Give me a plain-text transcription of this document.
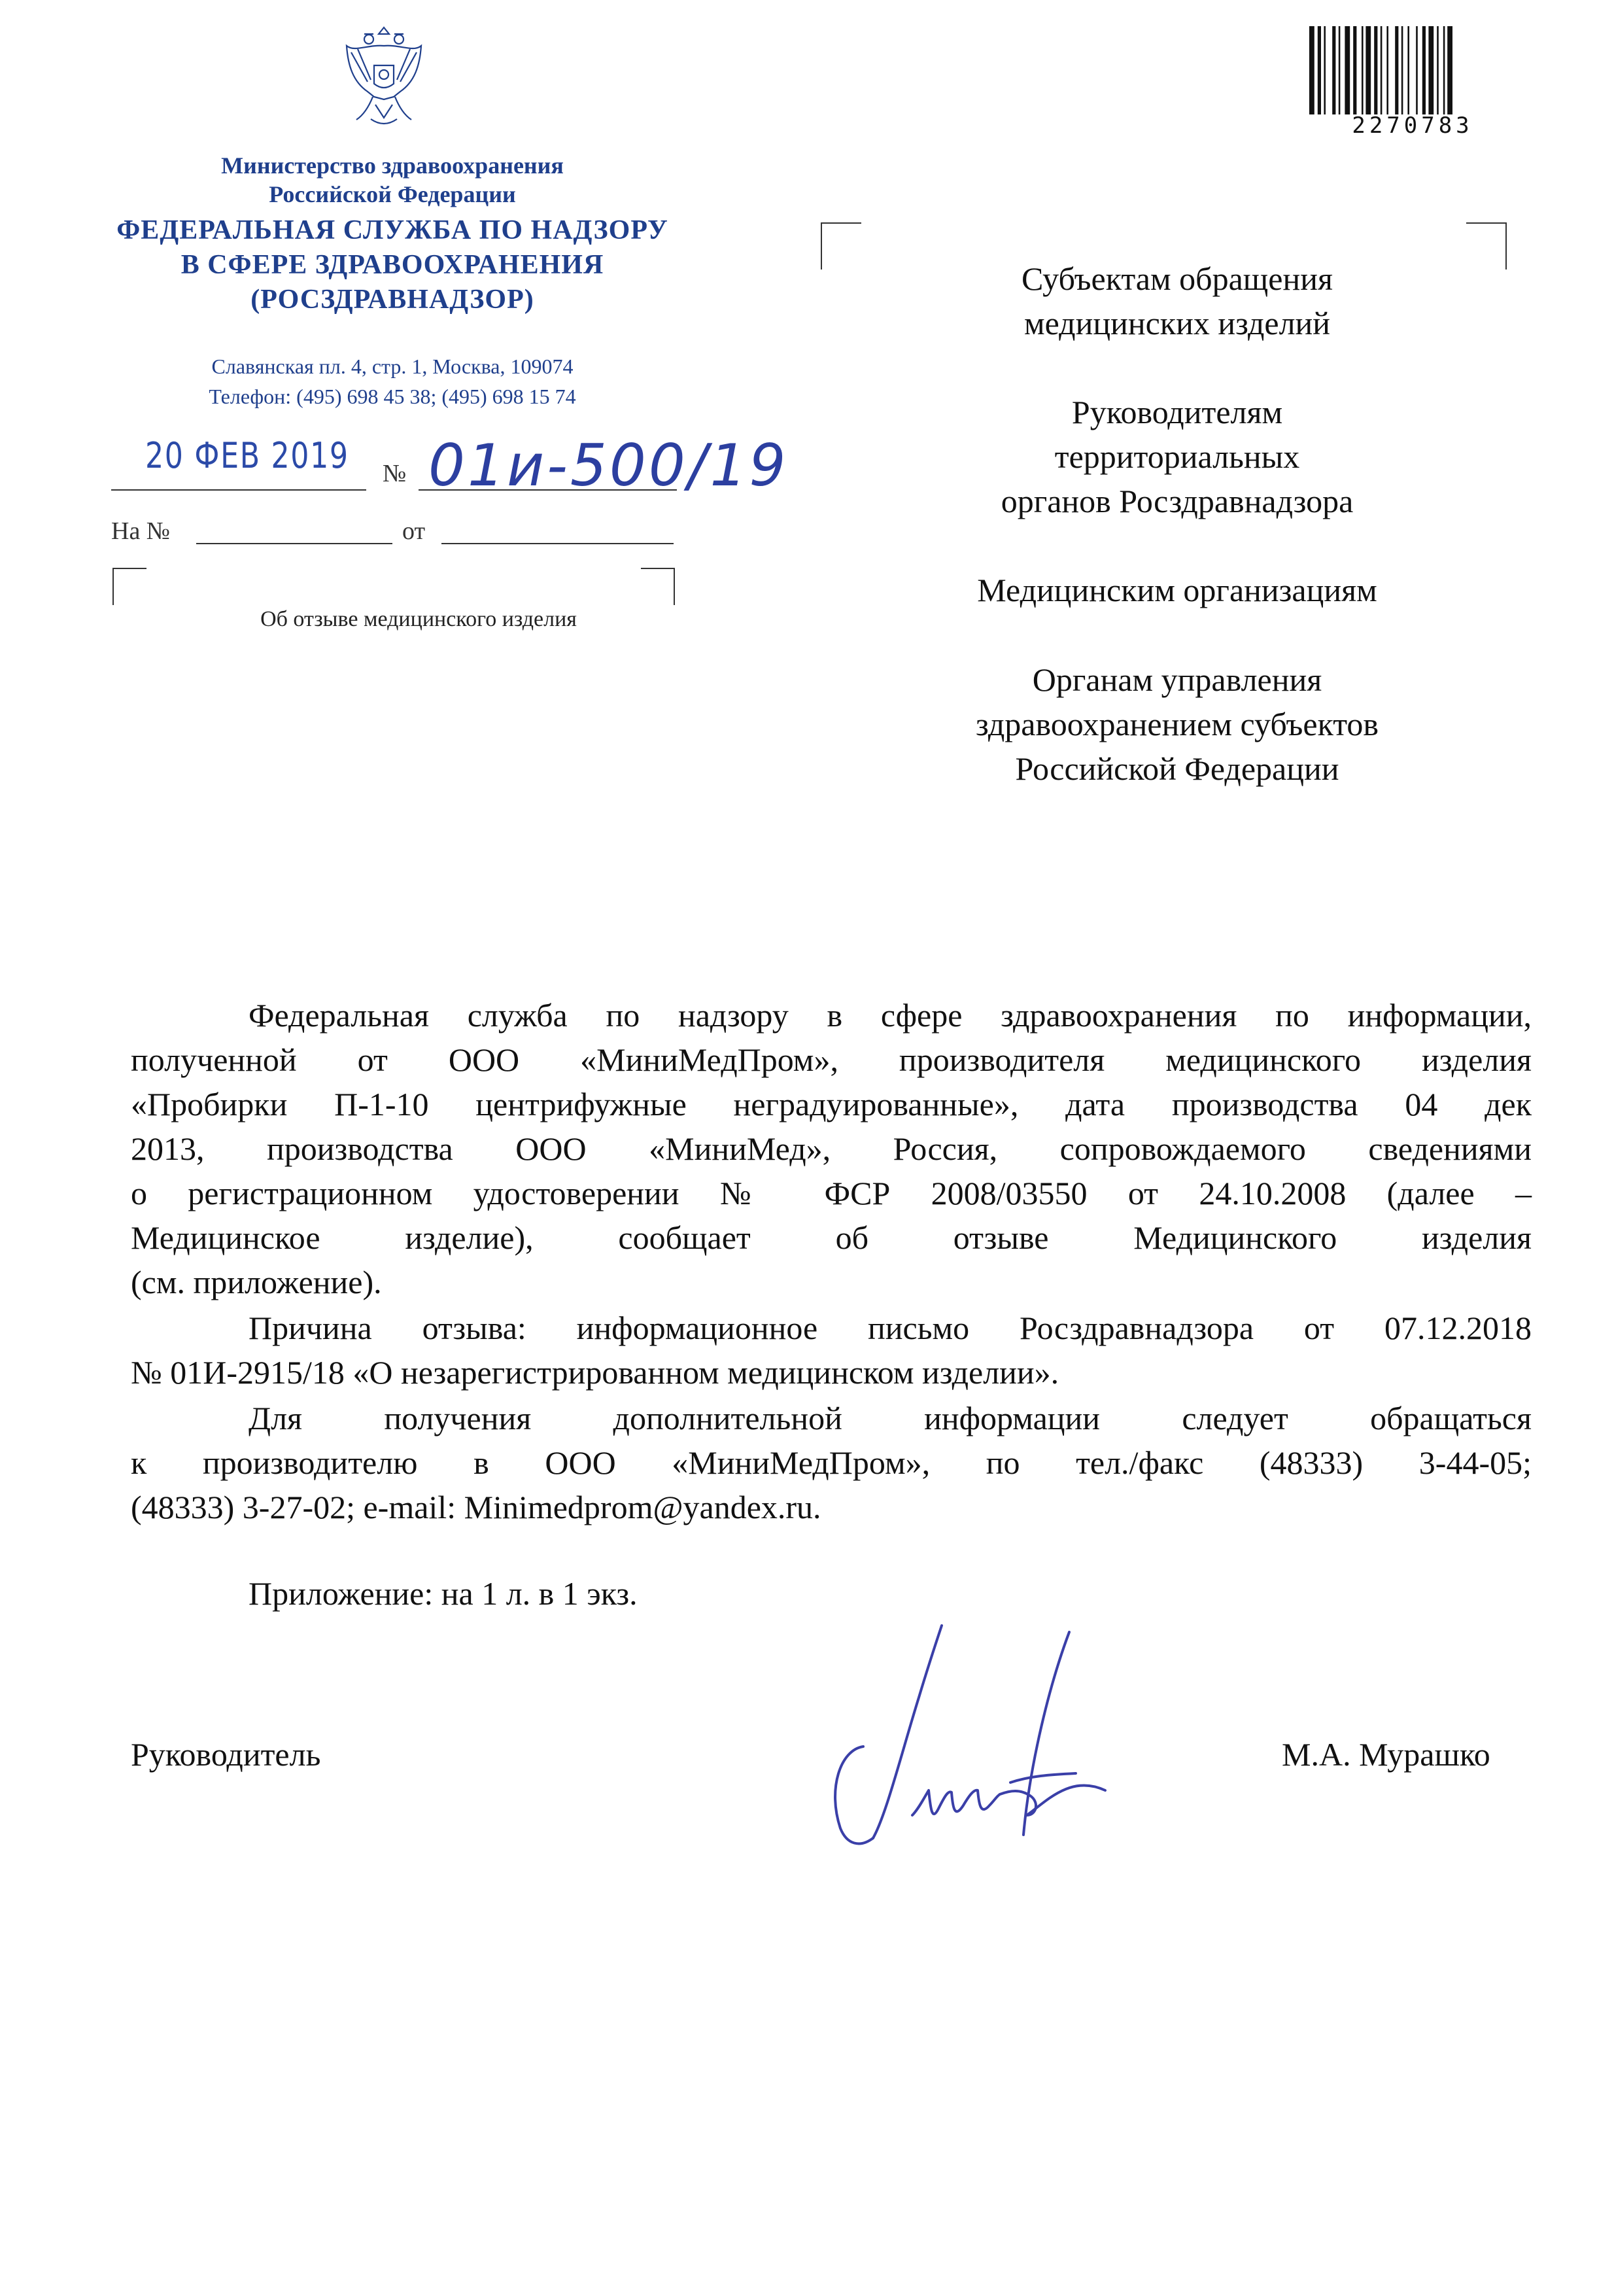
Министерство здравоохранения
Российской Федерации
ФЕДЕРАЛЬНАЯ СЛУЖБА ПО НАДЗОРУ
В СФЕРЕ ЗДРАВООХРАНЕНИЯ
(РОСЗДРАВНАДЗОР)
Славянская пл. 4, стр. 1, Москва, 109074
Телефон: (495) 698 45 38; (495) 698 15 74
20 ФЕВ 2019 № 01и-500/19
На №	от
Об отзыве медицинского изделия
2270783
Субъектам обращения
медицинских изделий
Руководителям
территориальных
органов Росздравнадзора
Медицинским организациям
Органам управления
здравоохранением субъектов
Российской Федерации
Федеральная служба по надзору в сфере здравоохранения по информации,
полученной от ООО «МиниМедПром», производителя медицинского изделия
«Пробирки П-1-10 центрифужные неградуированные», дата производства 04 дек
2013, производства ООО «МиниМед», Россия, сопровождаемого сведениями
о регистрационном удостоверении № ФСР 2008/03550 от 24.10.2008 (далее –
Медицинское изделие), сообщает об отзыве Медицинского изделия
(см. приложение).
Причина отзыва: информационное письмо Росздравнадзора от 07.12.2018
№ 01И-2915/18 «О незарегистрированном медицинском изделии».
Для получения дополнительной информации следует обращаться
к производителю в ООО «МиниМедПром», по тел./факс (48333) 3-44-05;
(48333) 3-27-02; e-mail: Minimedprom@yandex.ru.
Приложение: на 1 л. в 1 экз.
Руководитель	М.А. Мурашко
